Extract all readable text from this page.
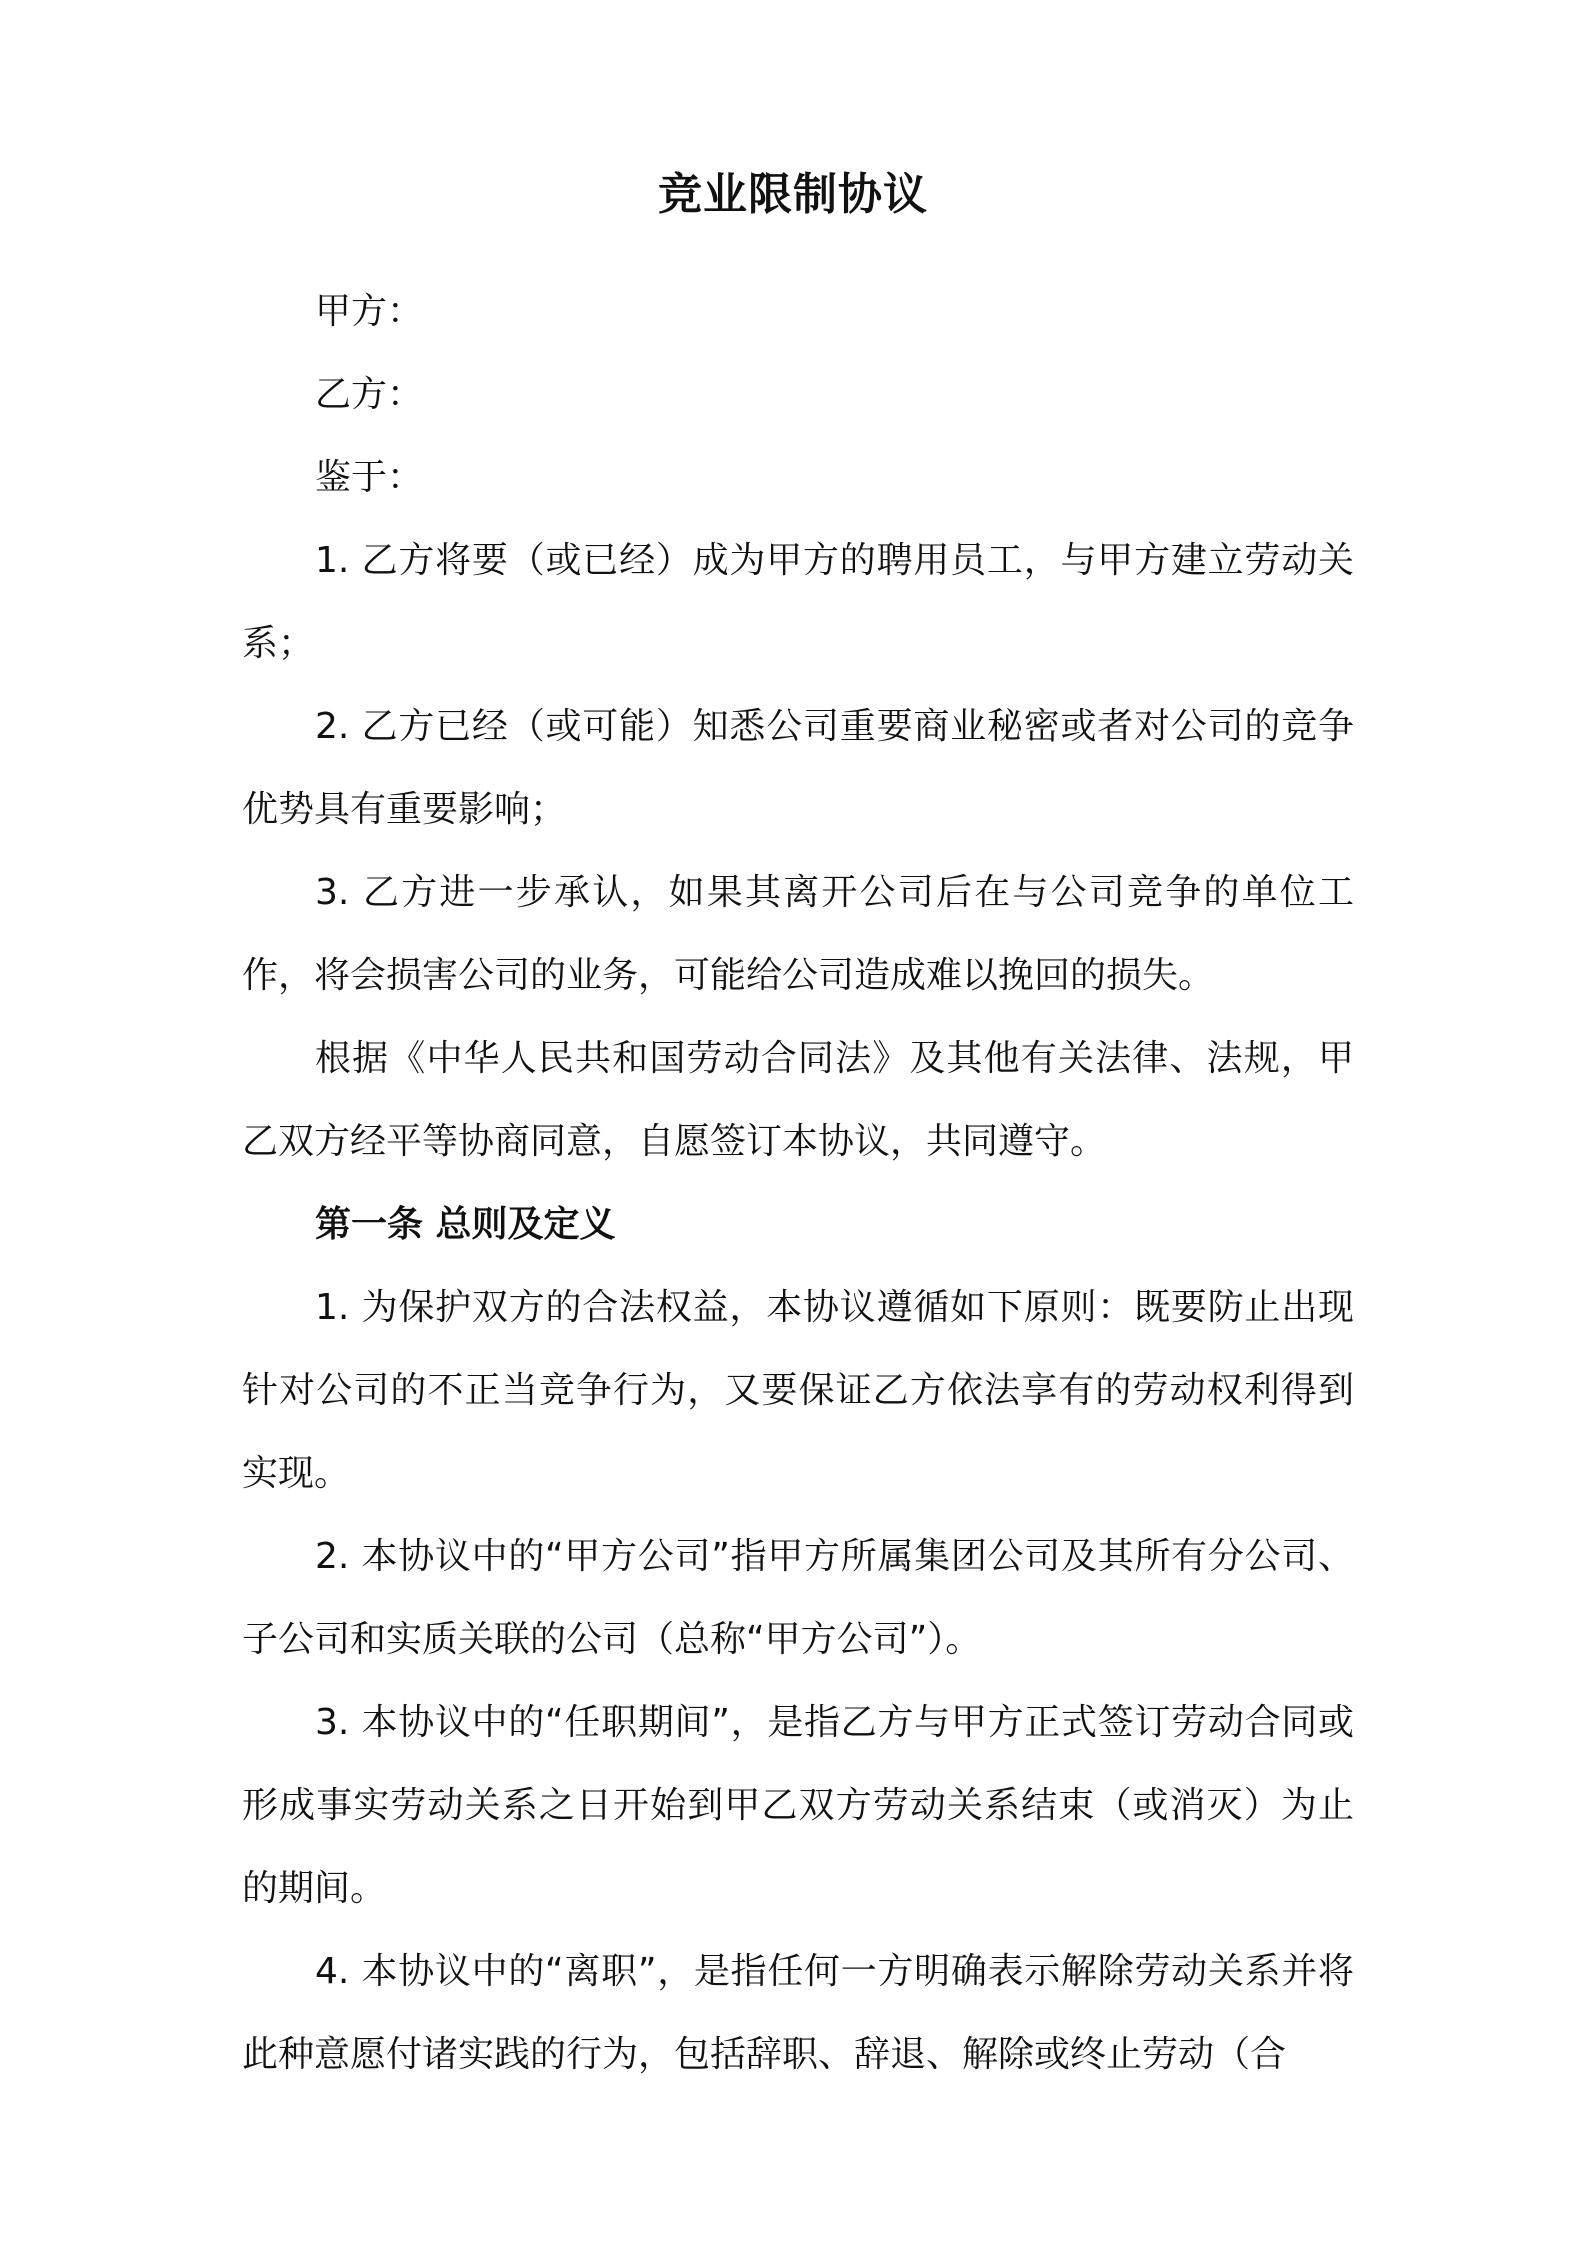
竞业限制协议

甲方：

乙方：

鉴于：

1. 乙方将要（或已经）成为甲方的聘用员工，与甲方建立劳动关系；

2. 乙方已经（或可能）知悉公司重要商业秘密或者对公司的竞争优势具有重要影响；

3. 乙方进一步承认，如果其离开公司后在与公司竞争的单位工作，将会损害公司的业务，可能给公司造成难以挽回的损失。

根据《中华人民共和国劳动合同法》及其他有关法律、法规，甲乙双方经平等协商同意，自愿签订本协议，共同遵守。

第一条 总则及定义

1. 为保护双方的合法权益，本协议遵循如下原则：既要防止出现针对公司的不正当竞争行为，又要保证乙方依法享有的劳动权利得到实现。

2. 本协议中的“甲方公司”指甲方所属集团公司及其所有分公司、子公司和实质关联的公司（总称“甲方公司”）。

3. 本协议中的“任职期间”，是指乙方与甲方正式签订劳动合同或形成事实劳动关系之日开始到甲乙双方劳动关系结束（或消灭）为止的期间。

4. 本协议中的“离职”，是指任何一方明确表示解除劳动关系并将此种意愿付诸实践的行为，包括辞职、辞退、解除或终止劳动（合
